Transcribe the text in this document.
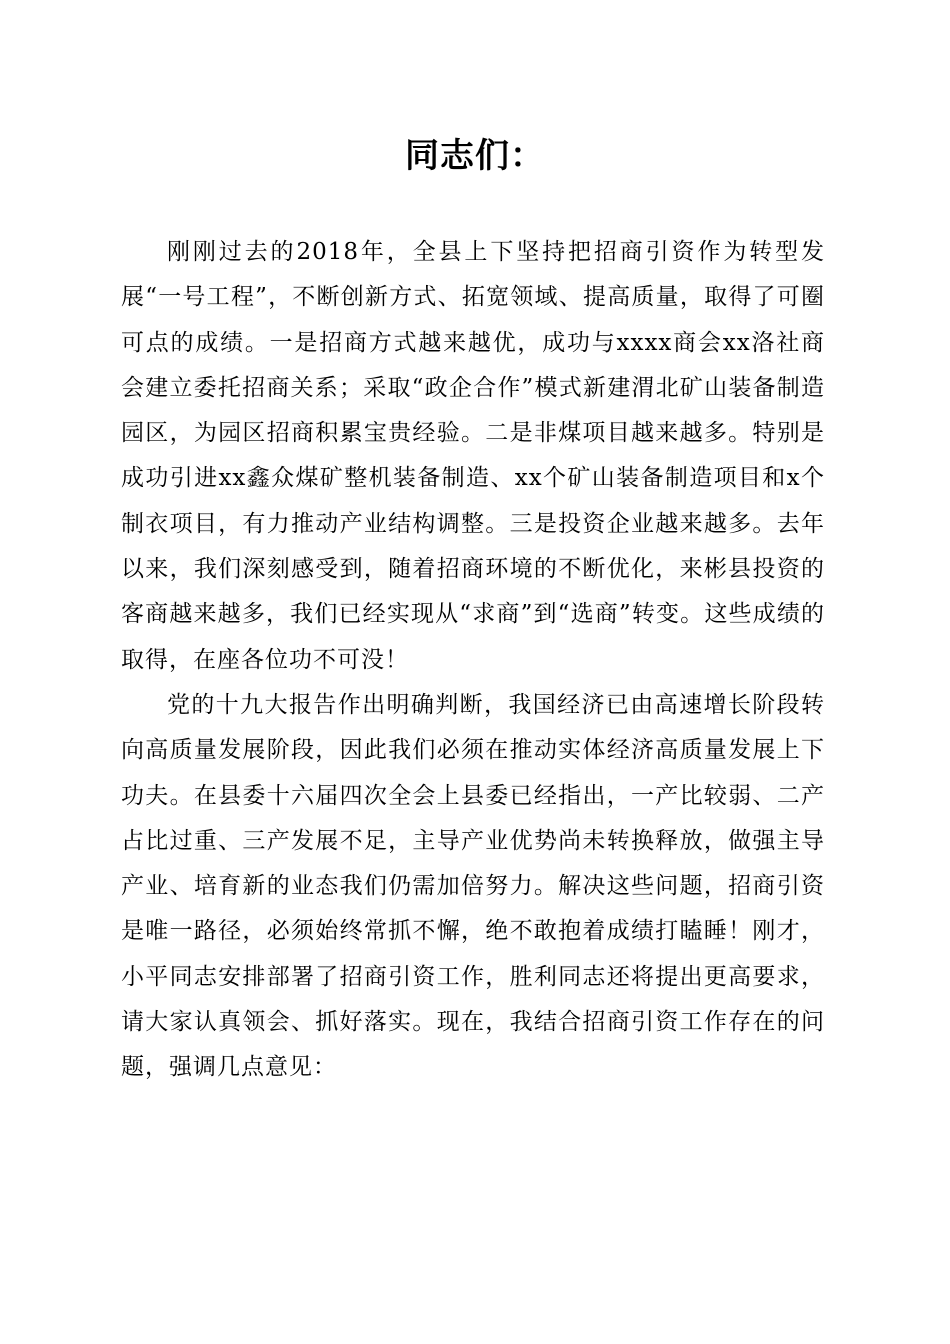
同志们：

刚刚过去的2018年，全县上下坚持把招商引资作为转型发展“一号工程”，不断创新方式、拓宽领域、提高质量，取得了可圈可点的成绩。一是招商方式越来越优，成功与xxxx商会xx洛社商会建立委托招商关系；采取“政企合作”模式新建渭北矿山装备制造园区，为园区招商积累宝贵经验。二是非煤项目越来越多。特别是成功引进xx鑫众煤矿整机装备制造、xx个矿山装备制造项目和x个制衣项目，有力推动产业结构调整。三是投资企业越来越多。去年以来，我们深刻感受到，随着招商环境的不断优化，来彬县投资的客商越来越多，我们已经实现从“求商”到“选商”转变。这些成绩的取得，在座各位功不可没！

党的十九大报告作出明确判断，我国经济已由高速增长阶段转向高质量发展阶段，因此我们必须在推动实体经济高质量发展上下功夫。在县委十六届四次全会上县委已经指出，一产比较弱、二产占比过重、三产发展不足，主导产业优势尚未转换释放，做强主导产业、培育新的业态我们仍需加倍努力。解决这些问题，招商引资是唯一路径，必须始终常抓不懈，绝不敢抱着成绩打瞌睡！刚才，小平同志安排部署了招商引资工作，胜利同志还将提出更高要求，请大家认真领会、抓好落实。现在，我结合招商引资工作存在的问题，强调几点意见：
